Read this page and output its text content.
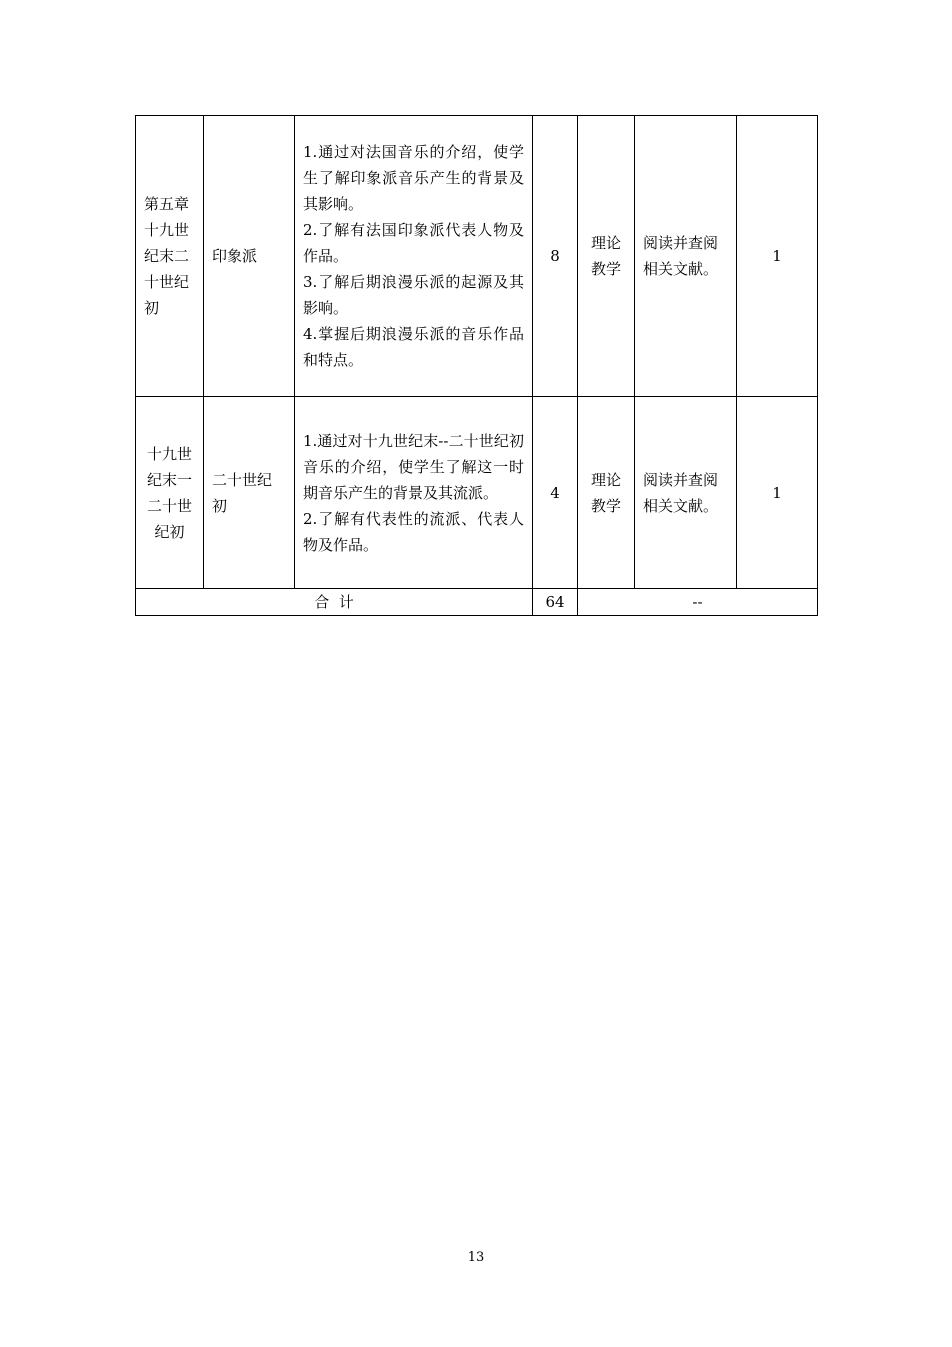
第五章十九世纪末二十世纪初	印象派	1.通过对法国音乐的介绍，使学生了解印象派音乐产生的背景及其影响。
2.了解有法国印象派代表人物及作品。
3.了解后期浪漫乐派的起源及其影响。
4.掌握后期浪漫乐派的音乐作品和特点。	8	理论教学	阅读并查阅相关文献。	1
十九世纪末一二十世纪初	二十世纪初	1.通过对十九世纪末--二十世纪初音乐的介绍，使学生了解这一时期音乐产生的背景及其流派。
2.了解有代表性的流派、代表人物及作品。	4	理论教学	阅读并查阅相关文献。	1
合  计			64	--		
13
